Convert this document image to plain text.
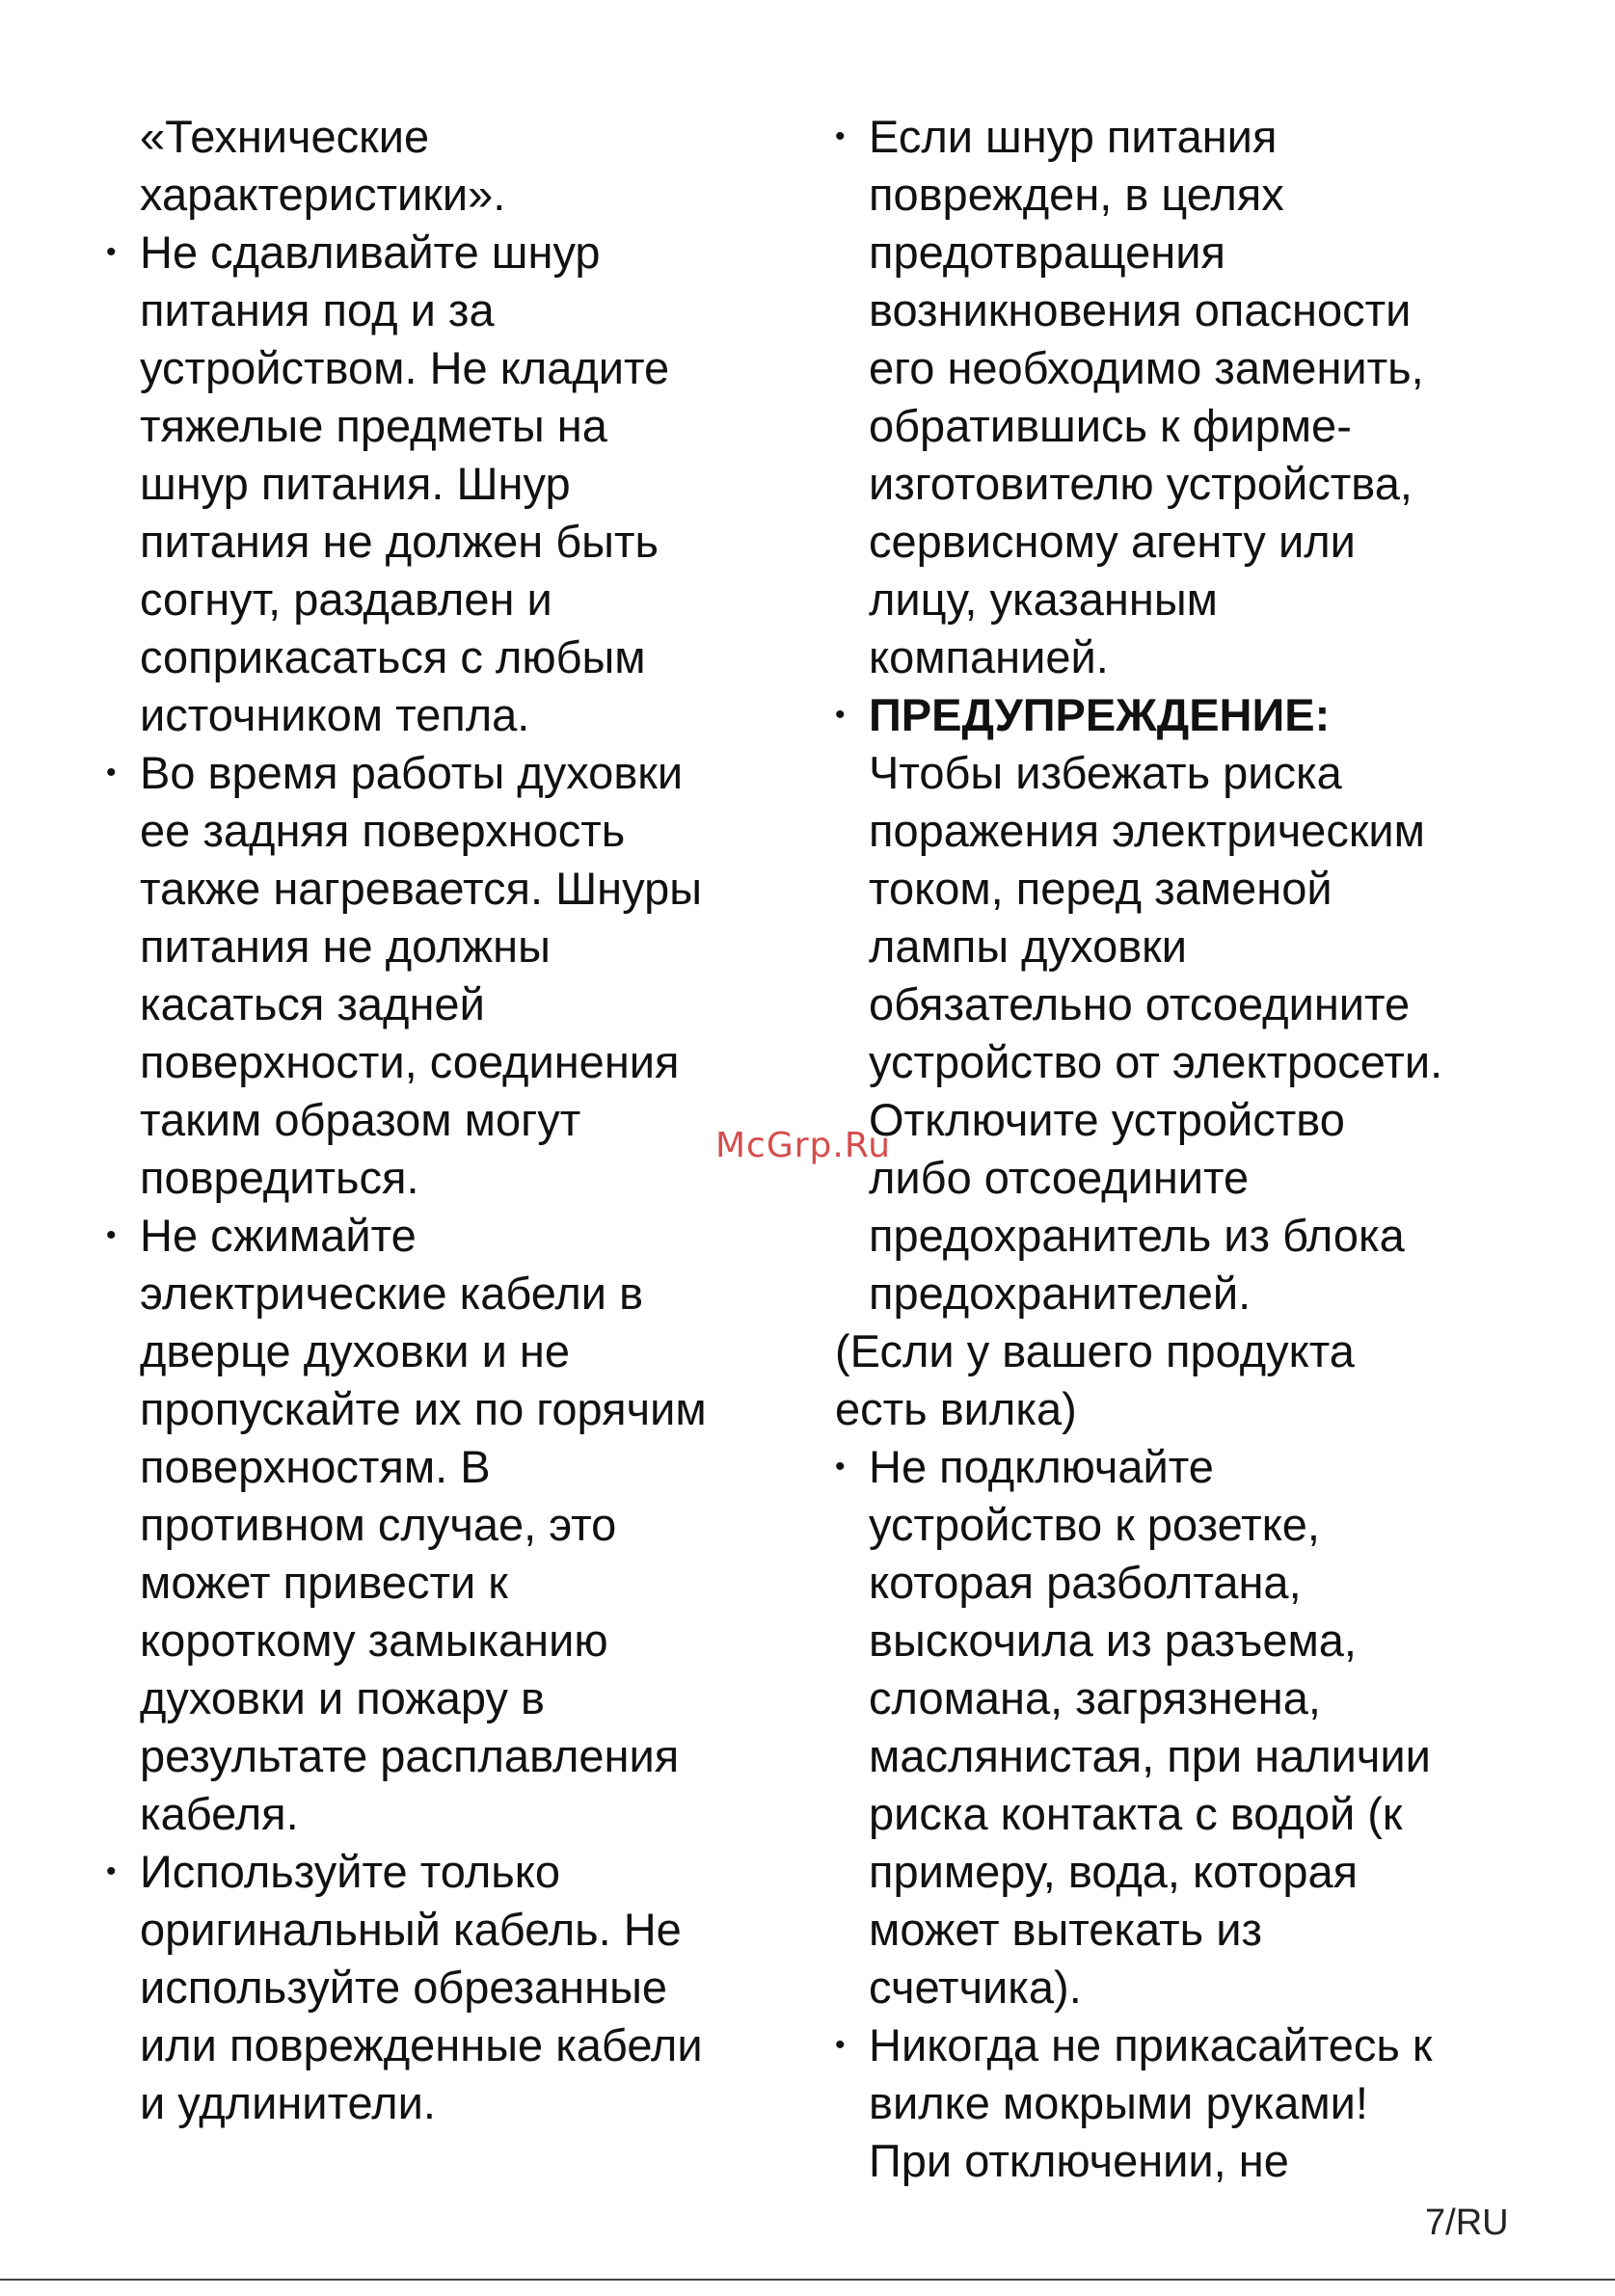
«Технические
характеристики».
• Не сдавливайте шнур
питания под и за
устройством. Не кладите
тяжелые предметы на
шнур питания. Шнур
питания не должен быть
согнут, раздавлен и
соприкасаться с любым
источником тепла.
• Во время работы духовки
ее задняя поверхность
также нагревается. Шнуры
питания не должны
касаться задней
поверхности, соединения
таким образом могут
повредиться.
• Не сжимайте
электрические кабели в
дверце духовки и не
пропускайте их по горячим
поверхностям. В
противном случае, это
может привести к
короткому замыканию
духовки и пожару в
результате расплавления
кабеля.
• Используйте только
оригинальный кабель. Не
используйте обрезанные
или поврежденные кабели
и удлинители.
• Если шнур питания
поврежден, в целях
предотвращения
возникновения опасности
его необходимо заменить,
обратившись к фирме-
изготовителю устройства,
сервисному агенту или
лицу, указанным
компанией.
• ПРЕДУПРЕЖДЕНИЕ:
Чтобы избежать риска
поражения электрическим
током, перед заменой
лампы духовки
обязательно отсоедините
устройство от электросети.
Отключите устройство
либо отсоедините
предохранитель из блока
предохранителей.
(Если у вашего продукта
есть вилка)
• Не подключайте
устройство к розетке,
которая разболтана,
выскочила из разъема,
сломана, загрязнена,
маслянистая, при наличии
риска контакта с водой (к
примеру, вода, которая
может вытекать из
счетчика).
• Никогда не прикасайтесь к
вилке мокрыми руками!
При отключении, не
McGrp.Ru
7/RU
